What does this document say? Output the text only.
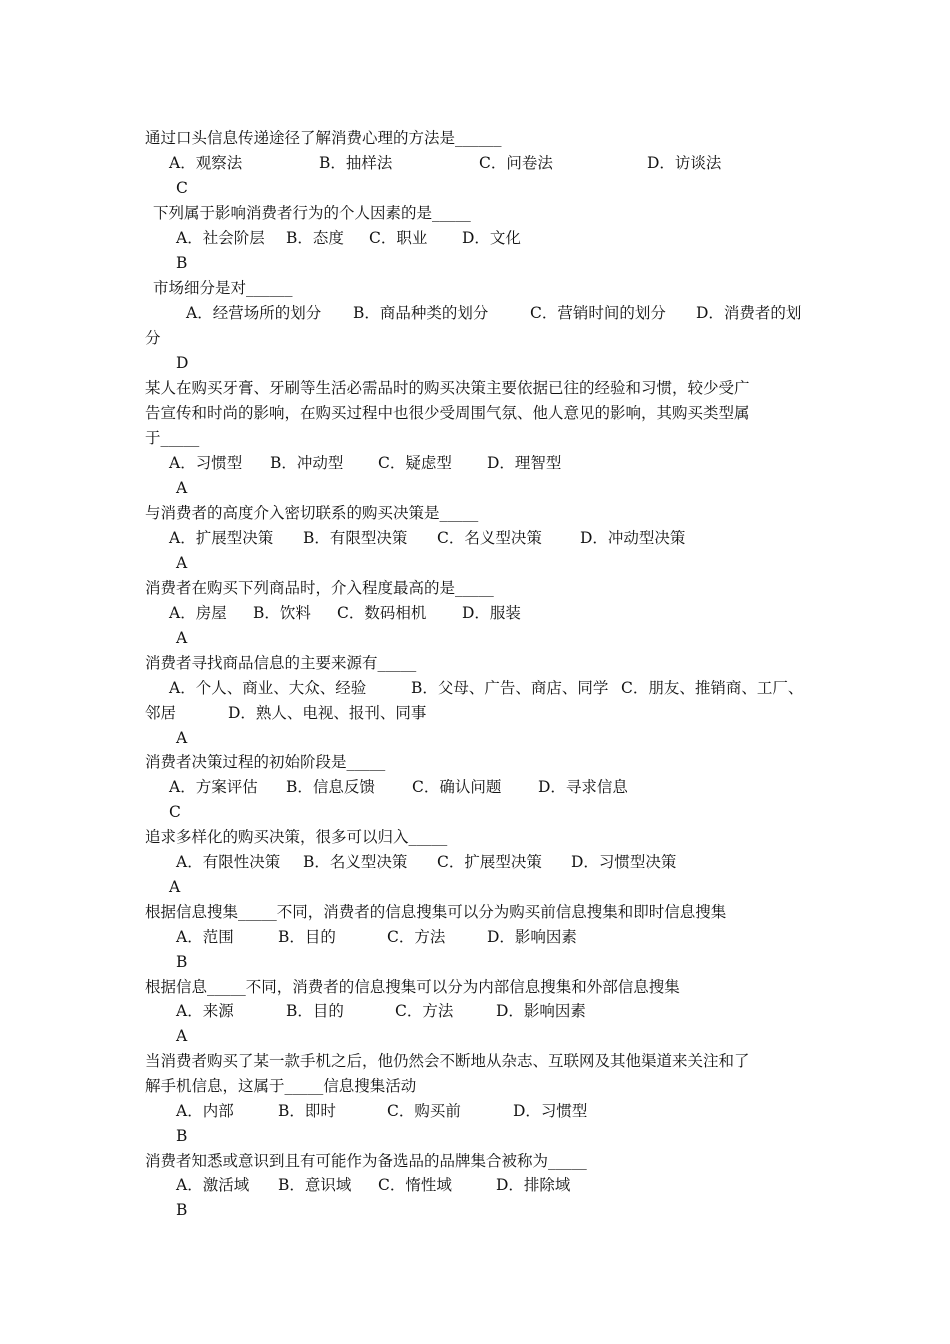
通过口头信息传递途径了解消费心理的方法是______
A．观察法	B．抽样法	C．问卷法	D．访谈法
C
下列属于影响消费者行为的个人因素的是_____
A．社会阶层 B．态度 C．职业 D．文化
B
市场细分是对______
A．经营场所的划分 B．商品种类的划分	C．营销时间的划分 D．消费者的划
分
D
某人在购买牙膏、牙刷等生活必需品时的购买决策主要依据已往的经验和习惯，较少受广
告宣传和时尚的影响，在购买过程中也很少受周围气氛、他人意见的影响，其购买类型属
于_____
A．习惯型 B．冲动型 C．疑虑型 D．理智型
A
与消费者的高度介入密切联系的购买决策是_____
A．扩展型决策 B．有限型决策 C．名义型决策 D．冲动型决策
A
消费者在购买下列商品时，介入程度最高的是_____
A．房屋 B．饮料 C．数码相机 D．服装
A
消费者寻找商品信息的主要来源有_____
A．个人、商业、大众、经验	B．父母、广告、商店、同学 C．朋友、推销商、工厂、
邻居	D．熟人、电视、报刊、同事
A
消费者决策过程的初始阶段是_____
A．方案评估 B．信息反馈 C．确认问题 D．寻求信息
C
追求多样化的购买决策，很多可以归入_____
A．有限性决策 B．名义型决策 C．扩展型决策 D．习惯型决策
A
根据信息搜集_____不同，消费者的信息搜集可以分为购买前信息搜集和即时信息搜集
A．范围	B．目的	C．方法	D．影响因素
B
根据信息_____不同，消费者的信息搜集可以分为内部信息搜集和外部信息搜集
A．来源	B．目的	C．方法	D．影响因素
A
当消费者购买了某一款手机之后，他仍然会不断地从杂志、互联网及其他渠道来关注和了
解手机信息，这属于_____信息搜集活动
A．内部	B．即时	C．购买前	D．习惯型
B
消费者知悉或意识到且有可能作为备选品的品牌集合被称为_____
A．激活域 B．意识域 C．惰性域	D．排除域
B
